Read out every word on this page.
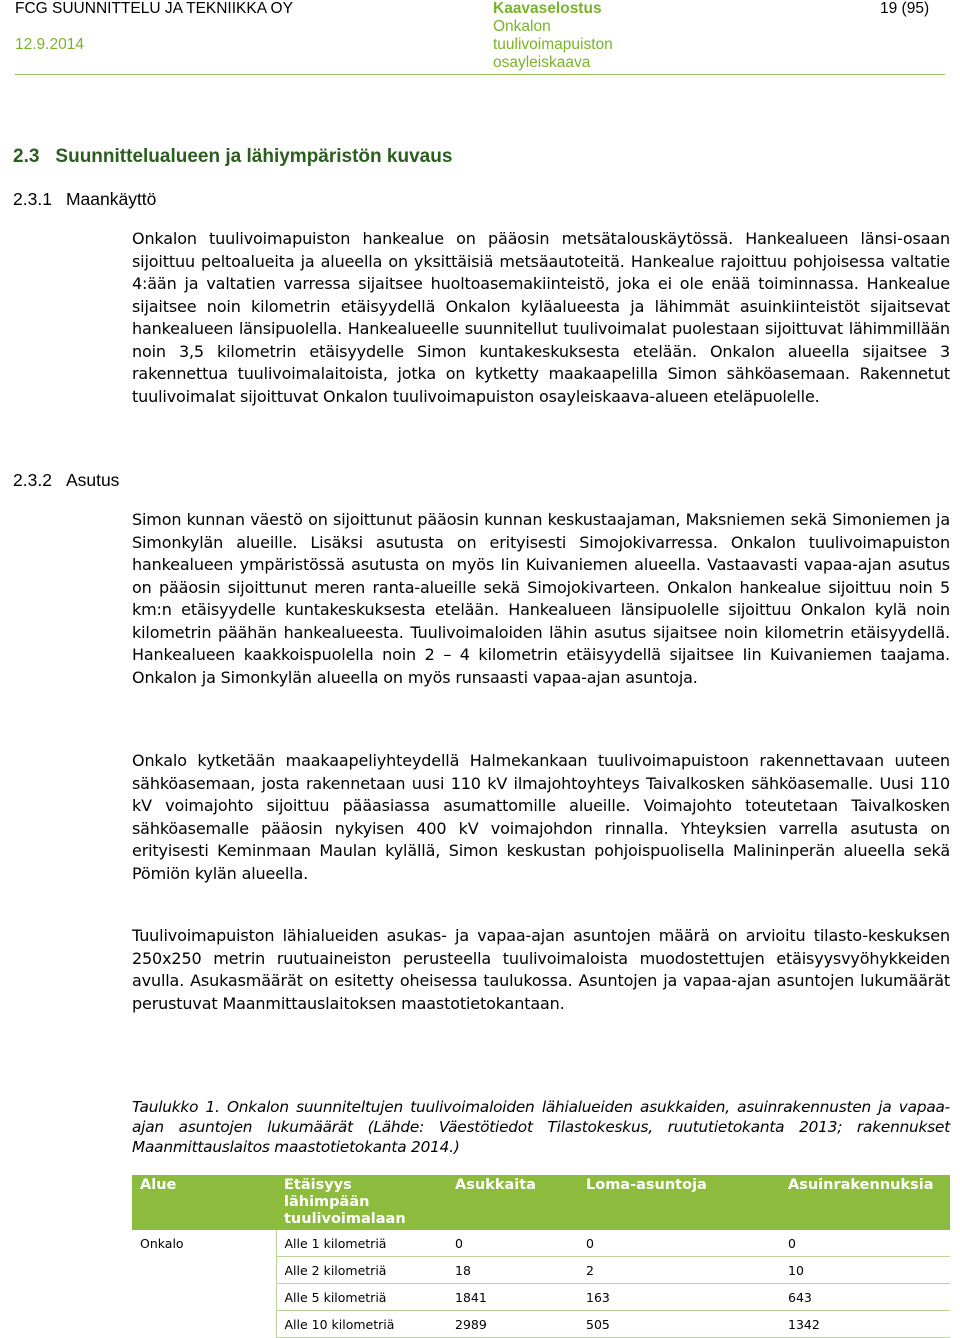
FCG SUUNNITTELU JA TEKNIIKKA OY
12.9.2014
Kaavaselostus
Onkalon
tuulivoimapuiston
osayleiskaava
19 (95)
2.3 Suunnittelualueen ja lähiympäristön kuvaus
2.3.1 Maankäyttö

Onkalon tuulivoimapuiston hankealue on pääosin metsätalouskäytössä. Hankealueen länsi-osaan sijoittuu peltoalueita ja alueella on yksittäisiä metsäautoteitä. Hankealue rajoittuu pohjoisessa valtatie 4:ään ja valtatien varressa sijaitsee huoltoasemakiinteistö, joka ei ole enää toiminnassa. Hankealue sijaitsee noin kilometrin etäisyydellä Onkalon kyläalueesta ja lähimmät asuinkiinteistöt sijaitsevat hankealueen länsipuolella. Hankealueelle suunnitellut tuulivoimalat puolestaan sijoittuvat lähimmillään noin 3,5 kilometrin etäisyydelle Simon kuntakeskuksesta etelään. Onkalon alueella sijaitsee 3 rakennettua tuulivoimalaitoista, jotka on kytketty maakaapelilla Simon sähköasemaan. Rakennetut tuulivoimalat sijoittuvat Onkalon tuulivoimapuiston osayleiskaava-alueen eteläpuolelle.

2.3.2 Asutus

Simon kunnan väestö on sijoittunut pääosin kunnan keskustaajaman, Maksniemen sekä Simoniemen ja Simonkylän alueille. Lisäksi asutusta on erityisesti Simojokivarressa. Onkalon tuulivoimapuiston hankealueen ympäristössä asutusta on myös Iin Kuivaniemen alueella. Vastaavasti vapaa-ajan asutus on pääosin sijoittunut meren ranta-alueille sekä Simojokivarteen. Onkalon hankealue sijoittuu noin 5 km:n etäisyydelle kuntakeskuksesta etelään. Hankealueen länsipuolelle sijoittuu Onkalon kylä noin kilometrin päähän hankealueesta. Tuulivoimaloiden lähin asutus sijaitsee noin kilometrin etäisyydellä. Hankealueen kaakkoispuolella noin 2 – 4 kilometrin etäisyydellä sijaitsee Iin Kuivaniemen taajama. Onkalon ja Simonkylän alueella on myös runsaasti vapaa-ajan asuntoja.

Onkalo kytketään maakaapeliyhteydellä Halmekankaan tuulivoimapuistoon rakennettavaan uuteen sähköasemaan, josta rakennetaan uusi 110 kV ilmajohtoyhteys Taivalkosken sähköasemalle. Uusi 110 kV voimajohto sijoittuu pääasiassa asumattomille alueille. Voimajohto toteutetaan Taivalkosken sähköasemalle pääosin nykyisen 400 kV voimajohdon rinnalla. Yhteyksien varrella asutusta on erityisesti Keminmaan Maulan kylällä, Simon keskustan pohjoispuolisella Malininperän alueella sekä Pömiön kylän alueella.

Tuulivoimapuiston lähialueiden asukas- ja vapaa-ajan asuntojen määrä on arvioitu tilasto-keskuksen 250x250 metrin ruutuaineiston perusteella tuulivoimaloista muodostettujen etäisyysvyöhykkeiden avulla. Asukasmäärät on esitetty oheisessa taulukossa. Asuntojen ja vapaa-ajan asuntojen lukumäärät perustuvat Maanmittauslaitoksen maastotietokantaan.

Taulukko 1. Onkalon suunniteltujen tuulivoimaloiden lähialueiden asukkaiden, asuinrakennusten ja vapaa-ajan asuntojen lukumäärät (Lähde: Väestötiedot Tilastokeskus, ruututietokanta 2013; rakennukset Maanmittauslaitos maastotietokanta 2014.)
Alue	Etäisyys lähimpään tuulivoimalaan	Asukkaita	Loma-asuntoja	Asuinrakennuksia
Onkalo	Alle 1 kilometriä	0	0	0
	Alle 2 kilometriä	18	2	10
	Alle 5 kilometriä	1841	163	643
	Alle 10 kilometriä	2989	505	1342
